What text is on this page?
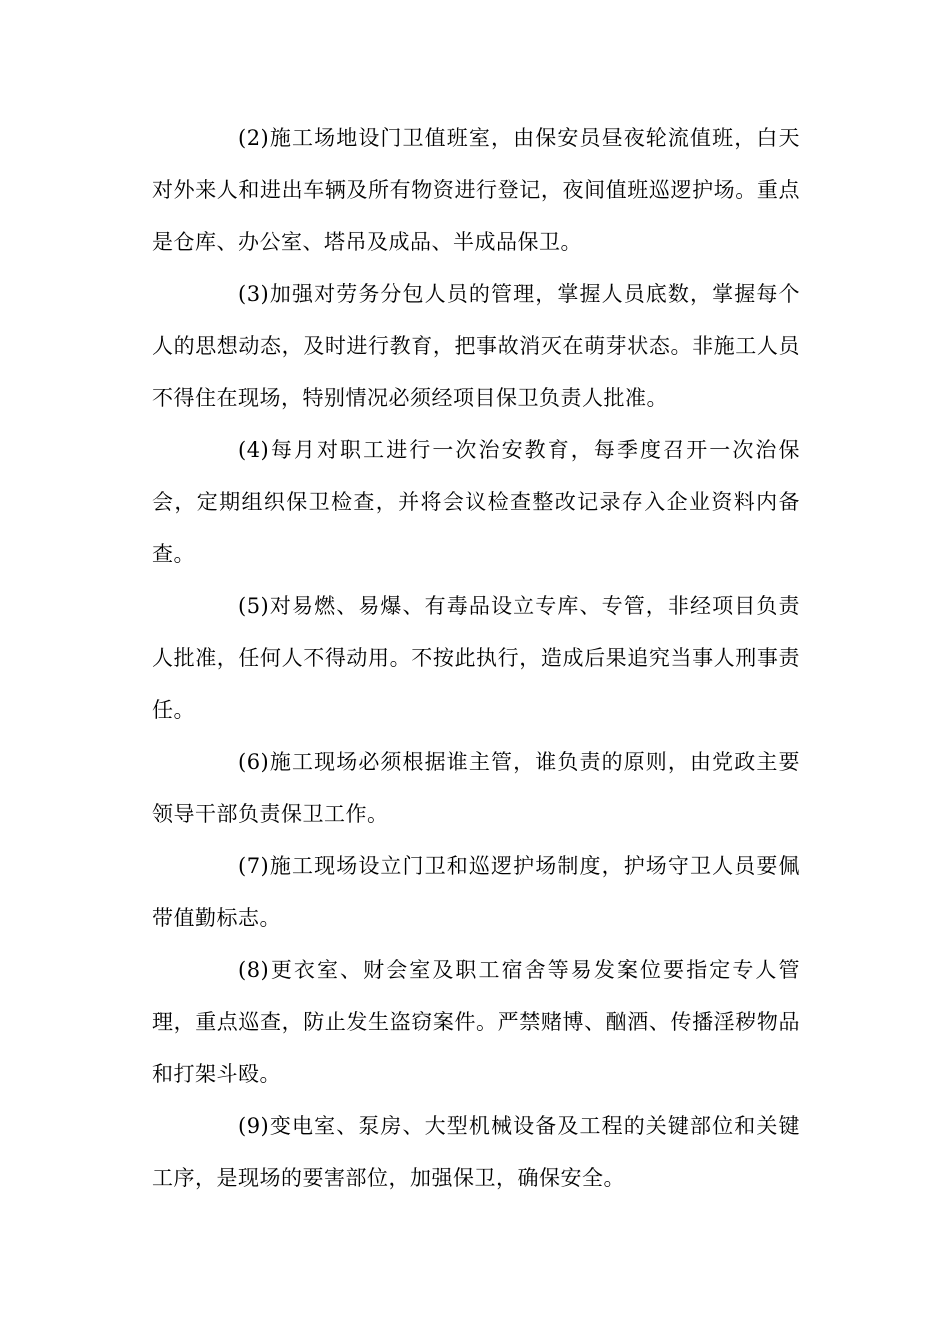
(2)施工场地设门卫值班室，由保安员昼夜轮流值班，白天对外来人和进出车辆及所有物资进行登记，夜间值班巡逻护场。重点是仓库、办公室、塔吊及成品、半成品保卫。

(3)加强对劳务分包人员的管理，掌握人员底数，掌握每个人的思想动态，及时进行教育，把事故消灭在萌芽状态。非施工人员不得住在现场，特别情况必须经项目保卫负责人批准。

(4)每月对职工进行一次治安教育，每季度召开一次治保会，定期组织保卫检查，并将会议检查整改记录存入企业资料内备查。

(5)对易燃、易爆、有毒品设立专库、专管，非经项目负责人批准，任何人不得动用。不按此执行，造成后果追究当事人刑事责任。

(6)施工现场必须根据谁主管，谁负责的原则，由党政主要领导干部负责保卫工作。

(7)施工现场设立门卫和巡逻护场制度，护场守卫人员要佩带值勤标志。

(8)更衣室、财会室及职工宿舍等易发案位要指定专人管理，重点巡查，防止发生盗窃案件。严禁赌博、酗酒、传播淫秽物品和打架斗殴。

(9)变电室、泵房、大型机械设备及工程的关键部位和关键工序，是现场的要害部位，加强保卫，确保安全。
